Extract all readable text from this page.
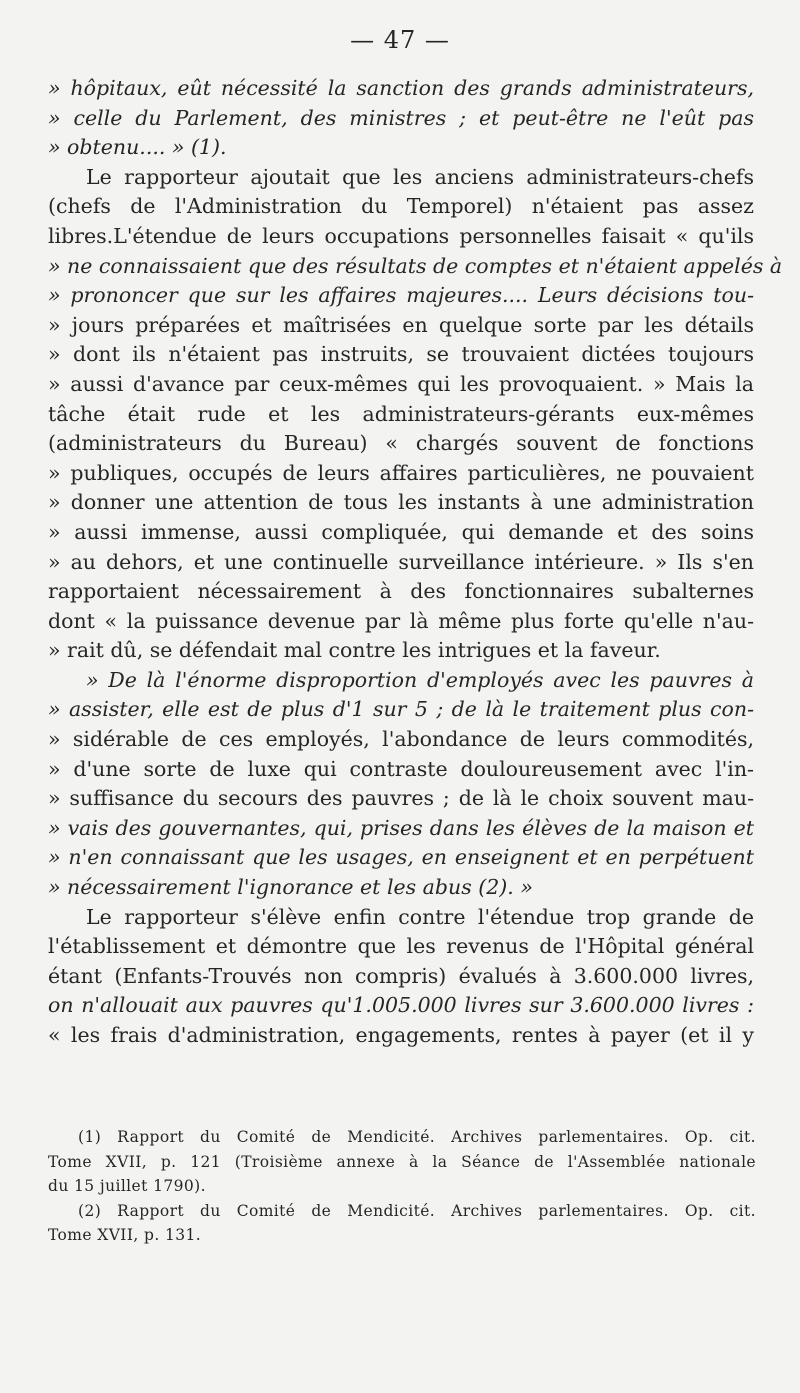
— 47 —
» hôpitaux, eût nécessité la sanction des grands administrateurs,
» celle du Parlement, des ministres ; et peut-être ne l'eût pas
» obtenu.... » (1).
Le rapporteur ajoutait que les anciens administrateurs-chefs
(chefs de l'Administration du Temporel) n'étaient pas assez
libres.L'étendue de leurs occupations personnelles faisait « qu'ils
» ne connaissaient que des résultats de comptes et n'étaient appelés à
» prononcer que sur les affaires majeures.... Leurs décisions tou-
» jours préparées et maîtrisées en quelque sorte par les détails
» dont ils n'étaient pas instruits, se trouvaient dictées toujours
» aussi d'avance par ceux-mêmes qui les provoquaient. » Mais la
tâche était rude et les administrateurs-gérants eux-mêmes
(administrateurs du Bureau) « chargés souvent de fonctions
» publiques, occupés de leurs affaires particulières, ne pouvaient
» donner une attention de tous les instants à une administration
» aussi immense, aussi compliquée, qui demande et des soins
» au dehors, et une continuelle surveillance intérieure. » Ils s'en
rapportaient nécessairement à des fonctionnaires subalternes
dont « la puissance devenue par là même plus forte qu'elle n'au-
» rait dû, se défendait mal contre les intrigues et la faveur.
» De là l'énorme disproportion d'employés avec les pauvres à
» assister, elle est de plus d'1 sur 5 ; de là le traitement plus con-
» sidérable de ces employés, l'abondance de leurs commodités,
» d'une sorte de luxe qui contraste douloureusement avec l'in-
» suffisance du secours des pauvres ; de là le choix souvent mau-
» vais des gouvernantes, qui, prises dans les élèves de la maison et
» n'en connaissant que les usages, en enseignent et en perpétuent
» nécessairement l'ignorance et les abus (2). »
Le rapporteur s'élève enfin contre l'étendue trop grande de
l'établissement et démontre que les revenus de l'Hôpital général
étant (Enfants-Trouvés non compris) évalués à 3.600.000 livres,
on n'allouait aux pauvres qu'1.005.000 livres sur 3.600.000 livres :
« les frais d'administration, engagements, rentes à payer (et il y
(1) Rapport du Comité de Mendicité. Archives parlementaires. Op. cit.
Tome XVII, p. 121 (Troisième annexe à la Séance de l'Assemblée nationale
du 15 juillet 1790).
(2) Rapport du Comité de Mendicité. Archives parlementaires. Op. cit.
Tome XVII, p. 131.
